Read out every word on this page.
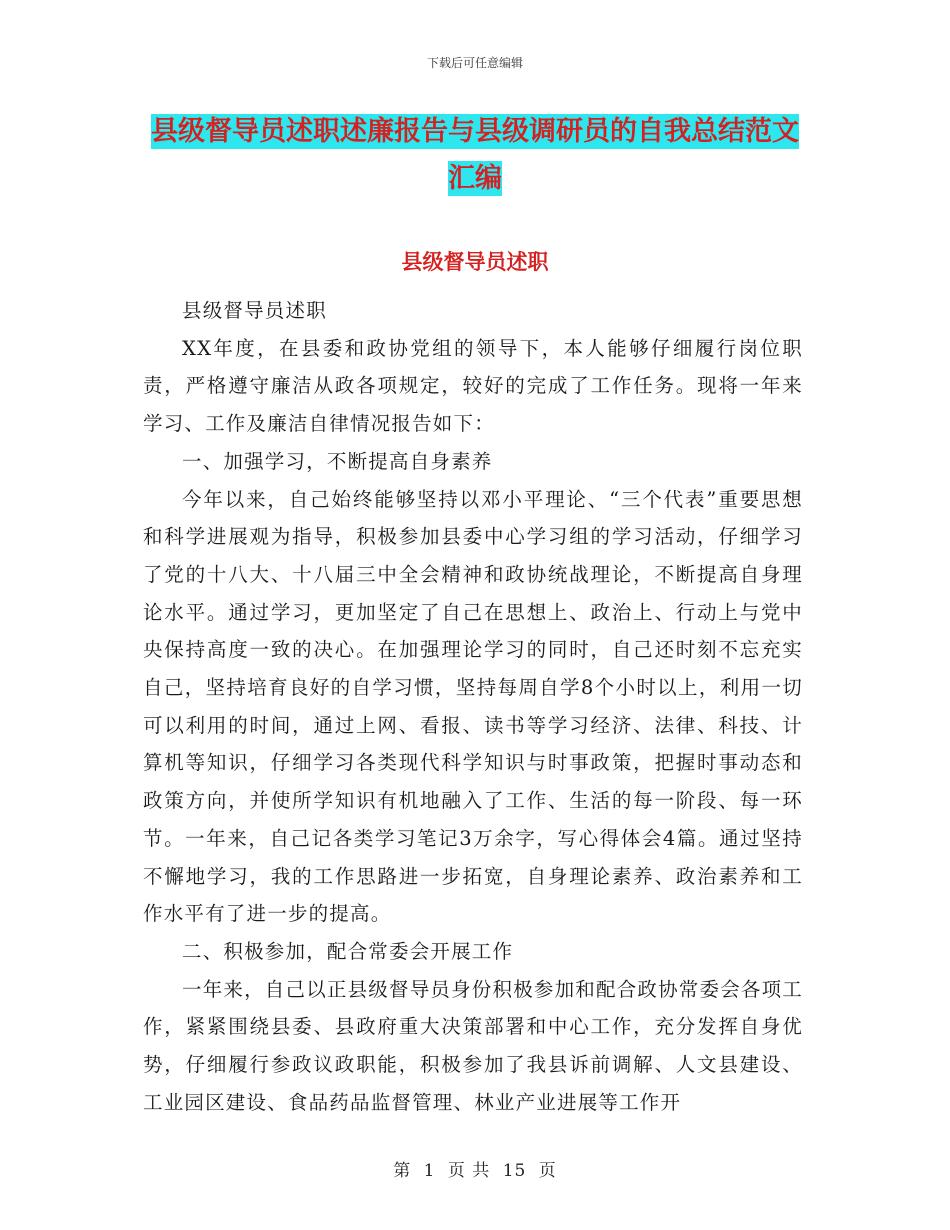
下载后可任意编辑
县级督导员述职述廉报告与县级调研员的自我总结范文汇编
县级督导员述职

县级督导员述职

XX年度，在县委和政协党组的领导下，本人能够仔细履行岗位职责，严格遵守廉洁从政各项规定，较好的完成了工作任务。现将一年来学习、工作及廉洁自律情况报告如下：

一、加强学习，不断提高自身素养

今年以来，自己始终能够坚持以邓小平理论、“三个代表”重要思想和科学进展观为指导，积极参加县委中心学习组的学习活动，仔细学习了党的十八大、十八届三中全会精神和政协统战理论，不断提高自身理论水平。通过学习，更加坚定了自己在思想上、政治上、行动上与党中央保持高度一致的决心。在加强理论学习的同时，自己还时刻不忘充实自己，坚持培育良好的自学习惯，坚持每周自学8个小时以上，利用一切可以利用的时间，通过上网、看报、读书等学习经济、法律、科技、计算机等知识，仔细学习各类现代科学知识与时事政策，把握时事动态和政策方向，并使所学知识有机地融入了工作、生活的每一阶段、每一环节。一年来，自己记各类学习笔记3万余字，写心得体会4篇。通过坚持不懈地学习，我的工作思路进一步拓宽，自身理论素养、政治素养和工作水平有了进一步的提高。

二、积极参加，配合常委会开展工作

一年来，自己以正县级督导员身份积极参加和配合政协常委会各项工作，紧紧围绕县委、县政府重大决策部署和中心工作，充分发挥自身优势，仔细履行参政议政职能，积极参加了我县诉前调解、人文县建设、工业园区建设、食品药品监督管理、林业产业进展等工作开

第 1 页 共 15 页
